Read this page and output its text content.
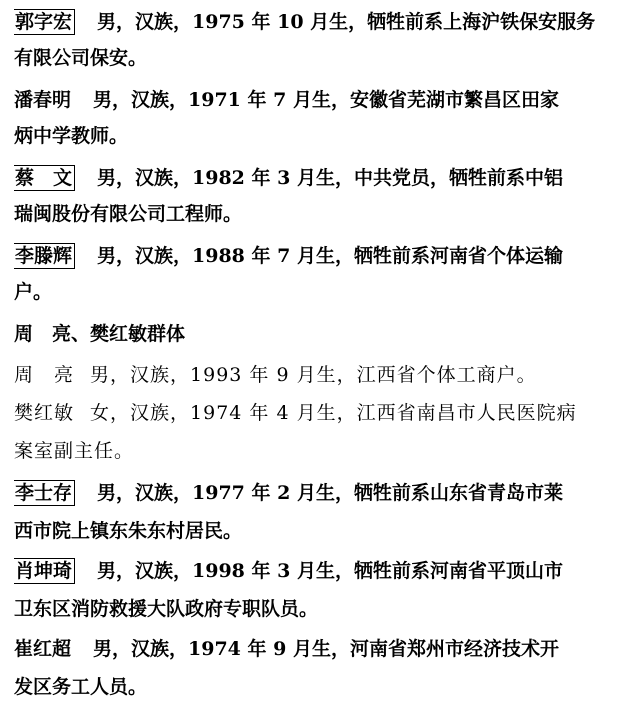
郭字宏 男，汉族，1975 年 10 月生，牺牲前系上海沪铁保安服务
有限公司保安。
潘春明 男，汉族，1971 年 7 月生，安徽省芜湖市繁昌区田家
炳中学教师。
蔡　文 男，汉族，1982 年 3 月生，中共党员，牺牲前系中铝
瑞闽股份有限公司工程师。
李滕辉 男，汉族，1988 年 7 月生，牺牲前系河南省个体运输
户。
周　亮、樊红敏群体
周　亮 男，汉族，1993 年 9 月生，江西省个体工商户。
樊红敏 女，汉族，1974 年 4 月生，江西省南昌市人民医院病
案室副主任。
李士存 男，汉族，1977 年 2 月生，牺牲前系山东省青岛市莱
西市院上镇东朱东村居民。
肖坤琦 男，汉族，1998 年 3 月生，牺牲前系河南省平顶山市
卫东区消防救援大队政府专职队员。
崔红超 男，汉族，1974 年 9 月生，河南省郑州市经济技术开
发区务工人员。
